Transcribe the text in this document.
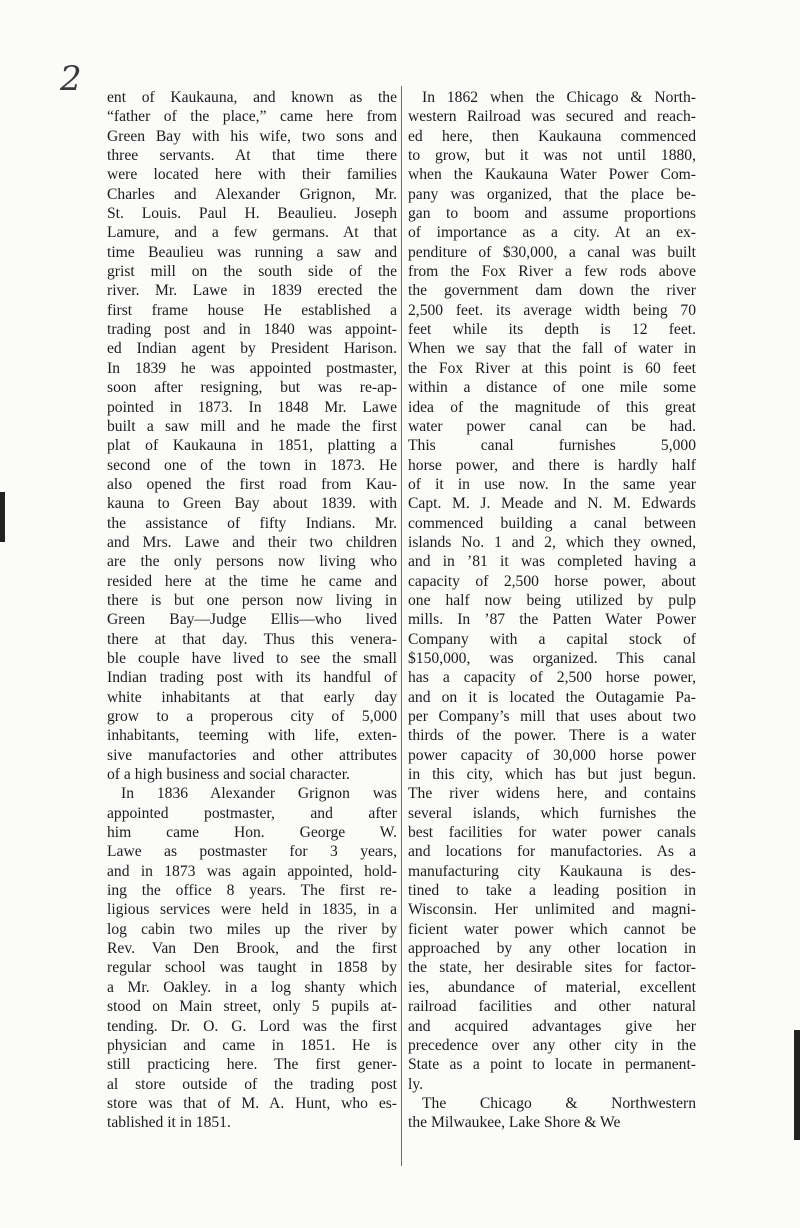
2 ent of Kaukauna, and known as the
“father of the place,” came here from
Green Bay with his wife, two sons and
three servants. At that time there
were located here with their families
Charles and Alexander Grignon, Mr.
St. Louis. Paul H. Beaulieu. Joseph
Lamure, and a few germans. At that
time Beaulieu was running a saw and
grist mill on the south side of the
river. Mr. Lawe in 1839 erected the
first frame house He established a
trading post and in 1840 was appoint-
ed Indian agent by President Harison.
In 1839 he was appointed postmaster,
soon after resigning, but was re-ap-
pointed in 1873. In 1848 Mr. Lawe
built a saw mill and he made the first
plat of Kaukauna in 1851, platting a
second one of the town in 1873. He
also opened the first road from Kau-
kauna to Green Bay about 1839. with
the assistance of fifty Indians. Mr.
and Mrs. Lawe and their two children
are the only persons now living who
resided here at the time he came and
there is but one person now living in
Green Bay—Judge Ellis—who lived
there at that day. Thus this venera-
ble couple have lived to see the small
Indian trading post with its handful of
white inhabitants at that early day
grow to a properous city of 5,000
inhabitants, teeming with life, exten-
sive manufactories and other attributes
of a high business and social character.
In 1836 Alexander Grignon was
appointed postmaster, and after
him came Hon. George W.
Lawe as postmaster for 3 years,
and in 1873 was again appointed, hold-
ing the office 8 years. The first re-
ligious services were held in 1835, in a
log cabin two miles up the river by
Rev. Van Den Brook, and the first
regular school was taught in 1858 by
a Mr. Oakley. in a log shanty which
stood on Main street, only 5 pupils at-
tending. Dr. O. G. Lord was the first
physician and came in 1851. He is
still practicing here. The first gener-
al store outside of the trading post
store was that of M. A. Hunt, who es-
tablished it in 1851.
In 1862 when the Chicago & North-
western Railroad was secured and reach-
ed here, then Kaukauna commenced
to grow, but it was not until 1880,
when the Kaukauna Water Power Com-
pany was organized, that the place be-
gan to boom and assume proportions
of importance as a city. At an ex-
penditure of $30,000, a canal was built
from the Fox River a few rods above
the government dam down the river
2,500 feet. its average width being 70
feet while its depth is 12 feet.
When we say that the fall of water in
the Fox River at this point is 60 feet
within a distance of one mile some
idea of the magnitude of this great
water power canal can be had.
This canal furnishes 5,000
horse power, and there is hardly half
of it in use now. In the same year
Capt. M. J. Meade and N. M. Edwards
commenced building a canal between
islands No. 1 and 2, which they owned,
and in ’81 it was completed having a
capacity of 2,500 horse power, about
one half now being utilized by pulp
mills. In ’87 the Patten Water Power
Company with a capital stock of
$150,000, was organized. This canal
has a capacity of 2,500 horse power,
and on it is located the Outagamie Pa-
per Company’s mill that uses about two
thirds of the power. There is a water
power capacity of 30,000 horse power
in this city, which has but just begun.
The river widens here, and contains
several islands, which furnishes the
best facilities for water power canals
and locations for manufactories. As a
manufacturing city Kaukauna is des-
tined to take a leading position in
Wisconsin. Her unlimited and magni-
ficient water power which cannot be
approached by any other location in
the state, her desirable sites for factor-
ies, abundance of material, excellent
railroad facilities and other natural
and acquired advantages give her
precedence over any other city in the
State as a point to locate in permanent-
ly.
The Chicago & Northwestern
the Milwaukee, Lake Shore & We
